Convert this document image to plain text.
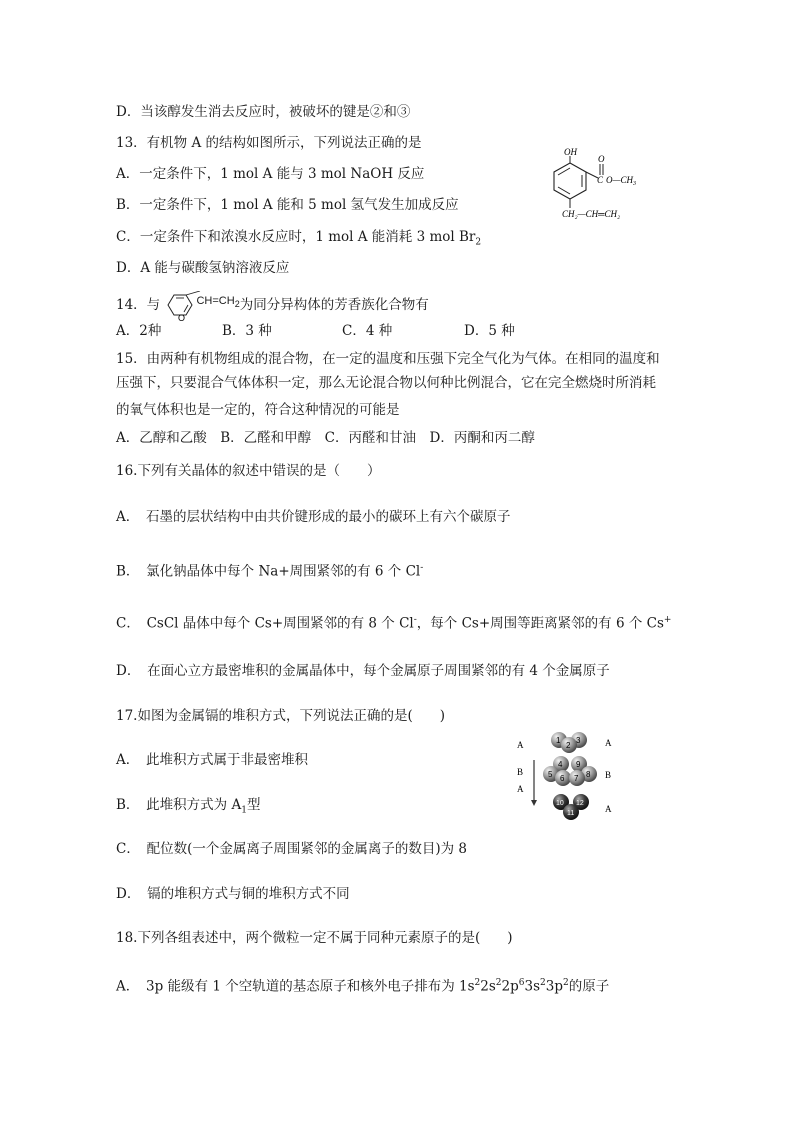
D．当该醇发生消去反应时，被破坏的键是②和③
13．有机物 A 的结构如图所示，下列说法正确的是
A．一定条件下，1 mol A 能与 3 mol NaOH 反应
B．一定条件下，1 mol A 能和 5 mol 氢气发生加成反应
C．一定条件下和浓溴水反应时，1 mol A 能消耗 3 mol $Br_2$
D．A 能与碳酸氢钠溶液反应
OH
C
O
$O—CH_3$
CH₂—CH═CH₂
14．与
O
$^{CH=CH_2}$为同分异构体的芳香族化合物有
A．2种	B．3 种	C．4 种	D．5 种
15．由两种有机物组成的混合物，在一定的温度和压强下完全气化为气体。在相同的温度和
压强下，只要混合气体体积一定，那么无论混合物以何种比例混合，它在完全燃烧时所消耗
的氧气体积也是一定的，符合这种情况的可能是
A．乙醇和乙酸　B．乙醛和甲醇　C．丙醛和甘油　D．丙酮和丙二醇
16.下列有关晶体的叙述中错误的是（　　）
A．　石墨的层状结构中由共价键形成的最小的碳环上有六个碳原子
B．　氯化钠晶体中每个 Na+周围紧邻的有 6 个 Cl-
C．　CsCl 晶体中每个 Cs+周围紧邻的有 8 个 Cl-，每个 Cs+周围等距离紧邻的有 6 个 Cs+
D．　在面心立方最密堆积的金属晶体中，每个金属原子周围紧邻的有 4 个金属原子
17.如图为金属镉的堆积方式，下列说法正确的是(　　)
A．　此堆积方式属于非最密堆积
B．　此堆积方式为 $A_1$型
C．　配位数(一个金属离子周围紧邻的金属离子的数目)为 8
D．　镉的堆积方式与铜的堆积方式不同
A
B
A
A
B
A
1
2
3
4 9
5 6 7 8
10 12
11
18.下列各组表述中，两个微粒一定不属于同种元素原子的是(　　)
A．　3p 能级有 1 个空轨道的基态原子和核外电子排布为 $1s^22s^22p^63s^23p^2$的原子
